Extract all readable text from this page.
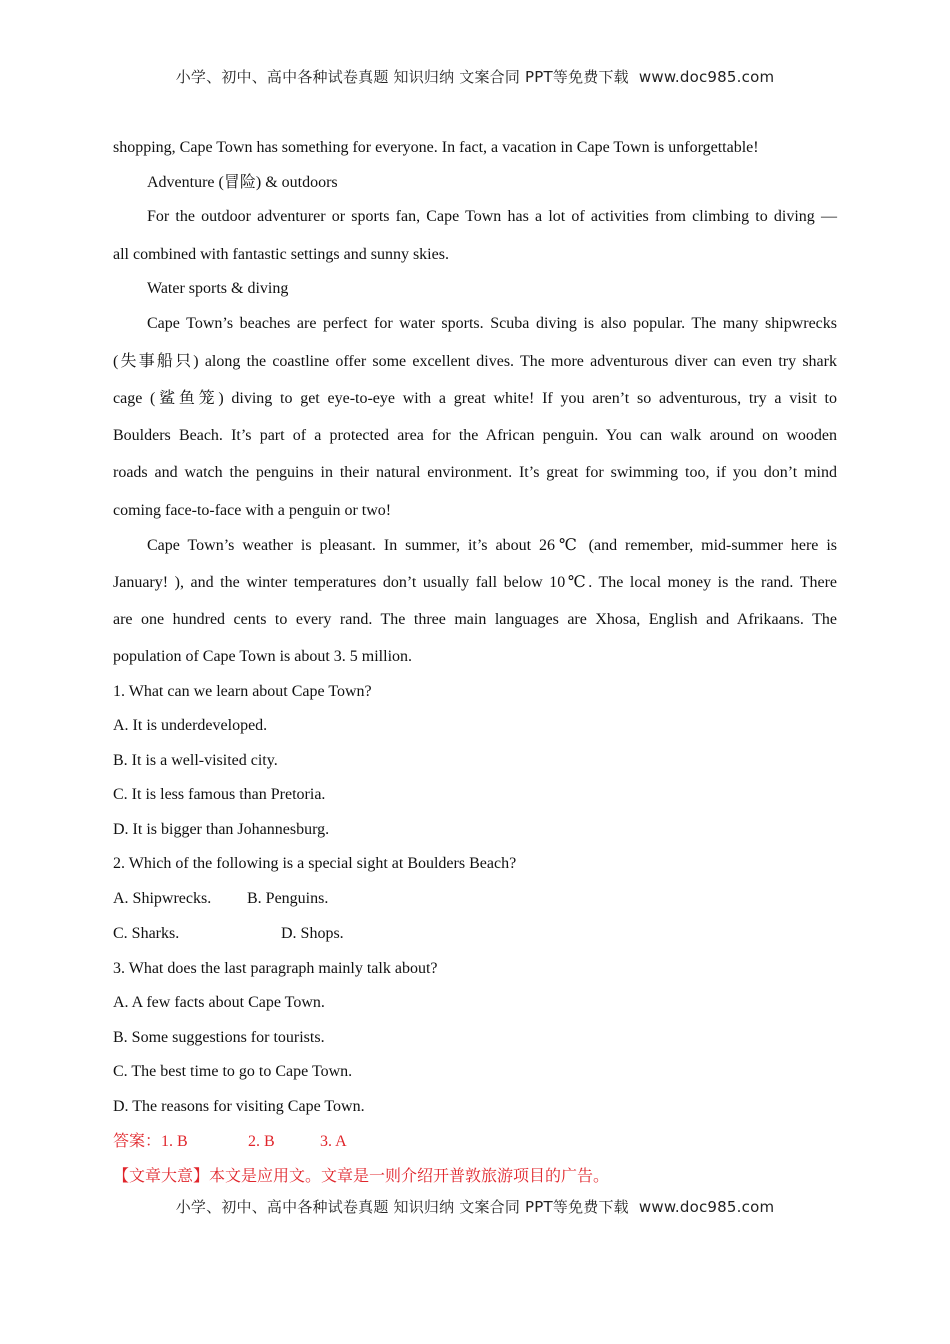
小学、初中、高中各种试卷真题 知识归纳 文案合同 PPT等免费下载 www.doc985.com
shopping, Cape Town has something for everyone. In fact, a vacation in Cape Town is unforgettable!
Adventure (冒险) & outdoors
For the outdoor adventurer or sports fan, Cape Town has a lot of activities from climbing to diving —
all combined with fantastic settings and sunny skies.
Water sports & diving
Cape Town’s beaches are perfect for water sports. Scuba diving is also popular. The many shipwrecks
(失事船只) along the coastline offer some excellent dives. The more adventurous diver can even try shark
cage (鲨鱼笼) diving to get eye-to-eye with a great white! If you aren’t so adventurous, try a visit to
Boulders Beach. It’s part of a protected area for the African penguin. You can walk around on wooden
roads and watch the penguins in their natural environment. It’s great for swimming too, if you don’t mind
coming face-to-face with a penguin or two!
Cape Town’s weather is pleasant. In summer, it’s about 26℃ (and remember, mid-summer here is
January! ), and the winter temperatures don’t usually fall below 10℃. The local money is the rand. There
are one hundred cents to every rand. The three main languages are Xhosa, English and Afrikaans. The
population of Cape Town is about 3. 5 million.
1. What can we learn about Cape Town?
A. It is underdeveloped.
B. It is a well-visited city.
C. It is less famous than Pretoria.
D. It is bigger than Johannesburg.
2. Which of the following is a special sight at Boulders Beach?
A. Shipwrecks. B. Penguins.
C. Sharks.	D. Shops.
3. What does the last paragraph mainly talk about?
A. A few facts about Cape Town.
B. Some suggestions for tourists.
C. The best time to go to Cape Town.
D. The reasons for visiting Cape Town.
答案：1. B	2. B	3. A
【文章大意】本文是应用文。文章是一则介绍开普敦旅游项目的广告。
小学、初中、高中各种试卷真题 知识归纳 文案合同 PPT等免费下载 www.doc985.com
